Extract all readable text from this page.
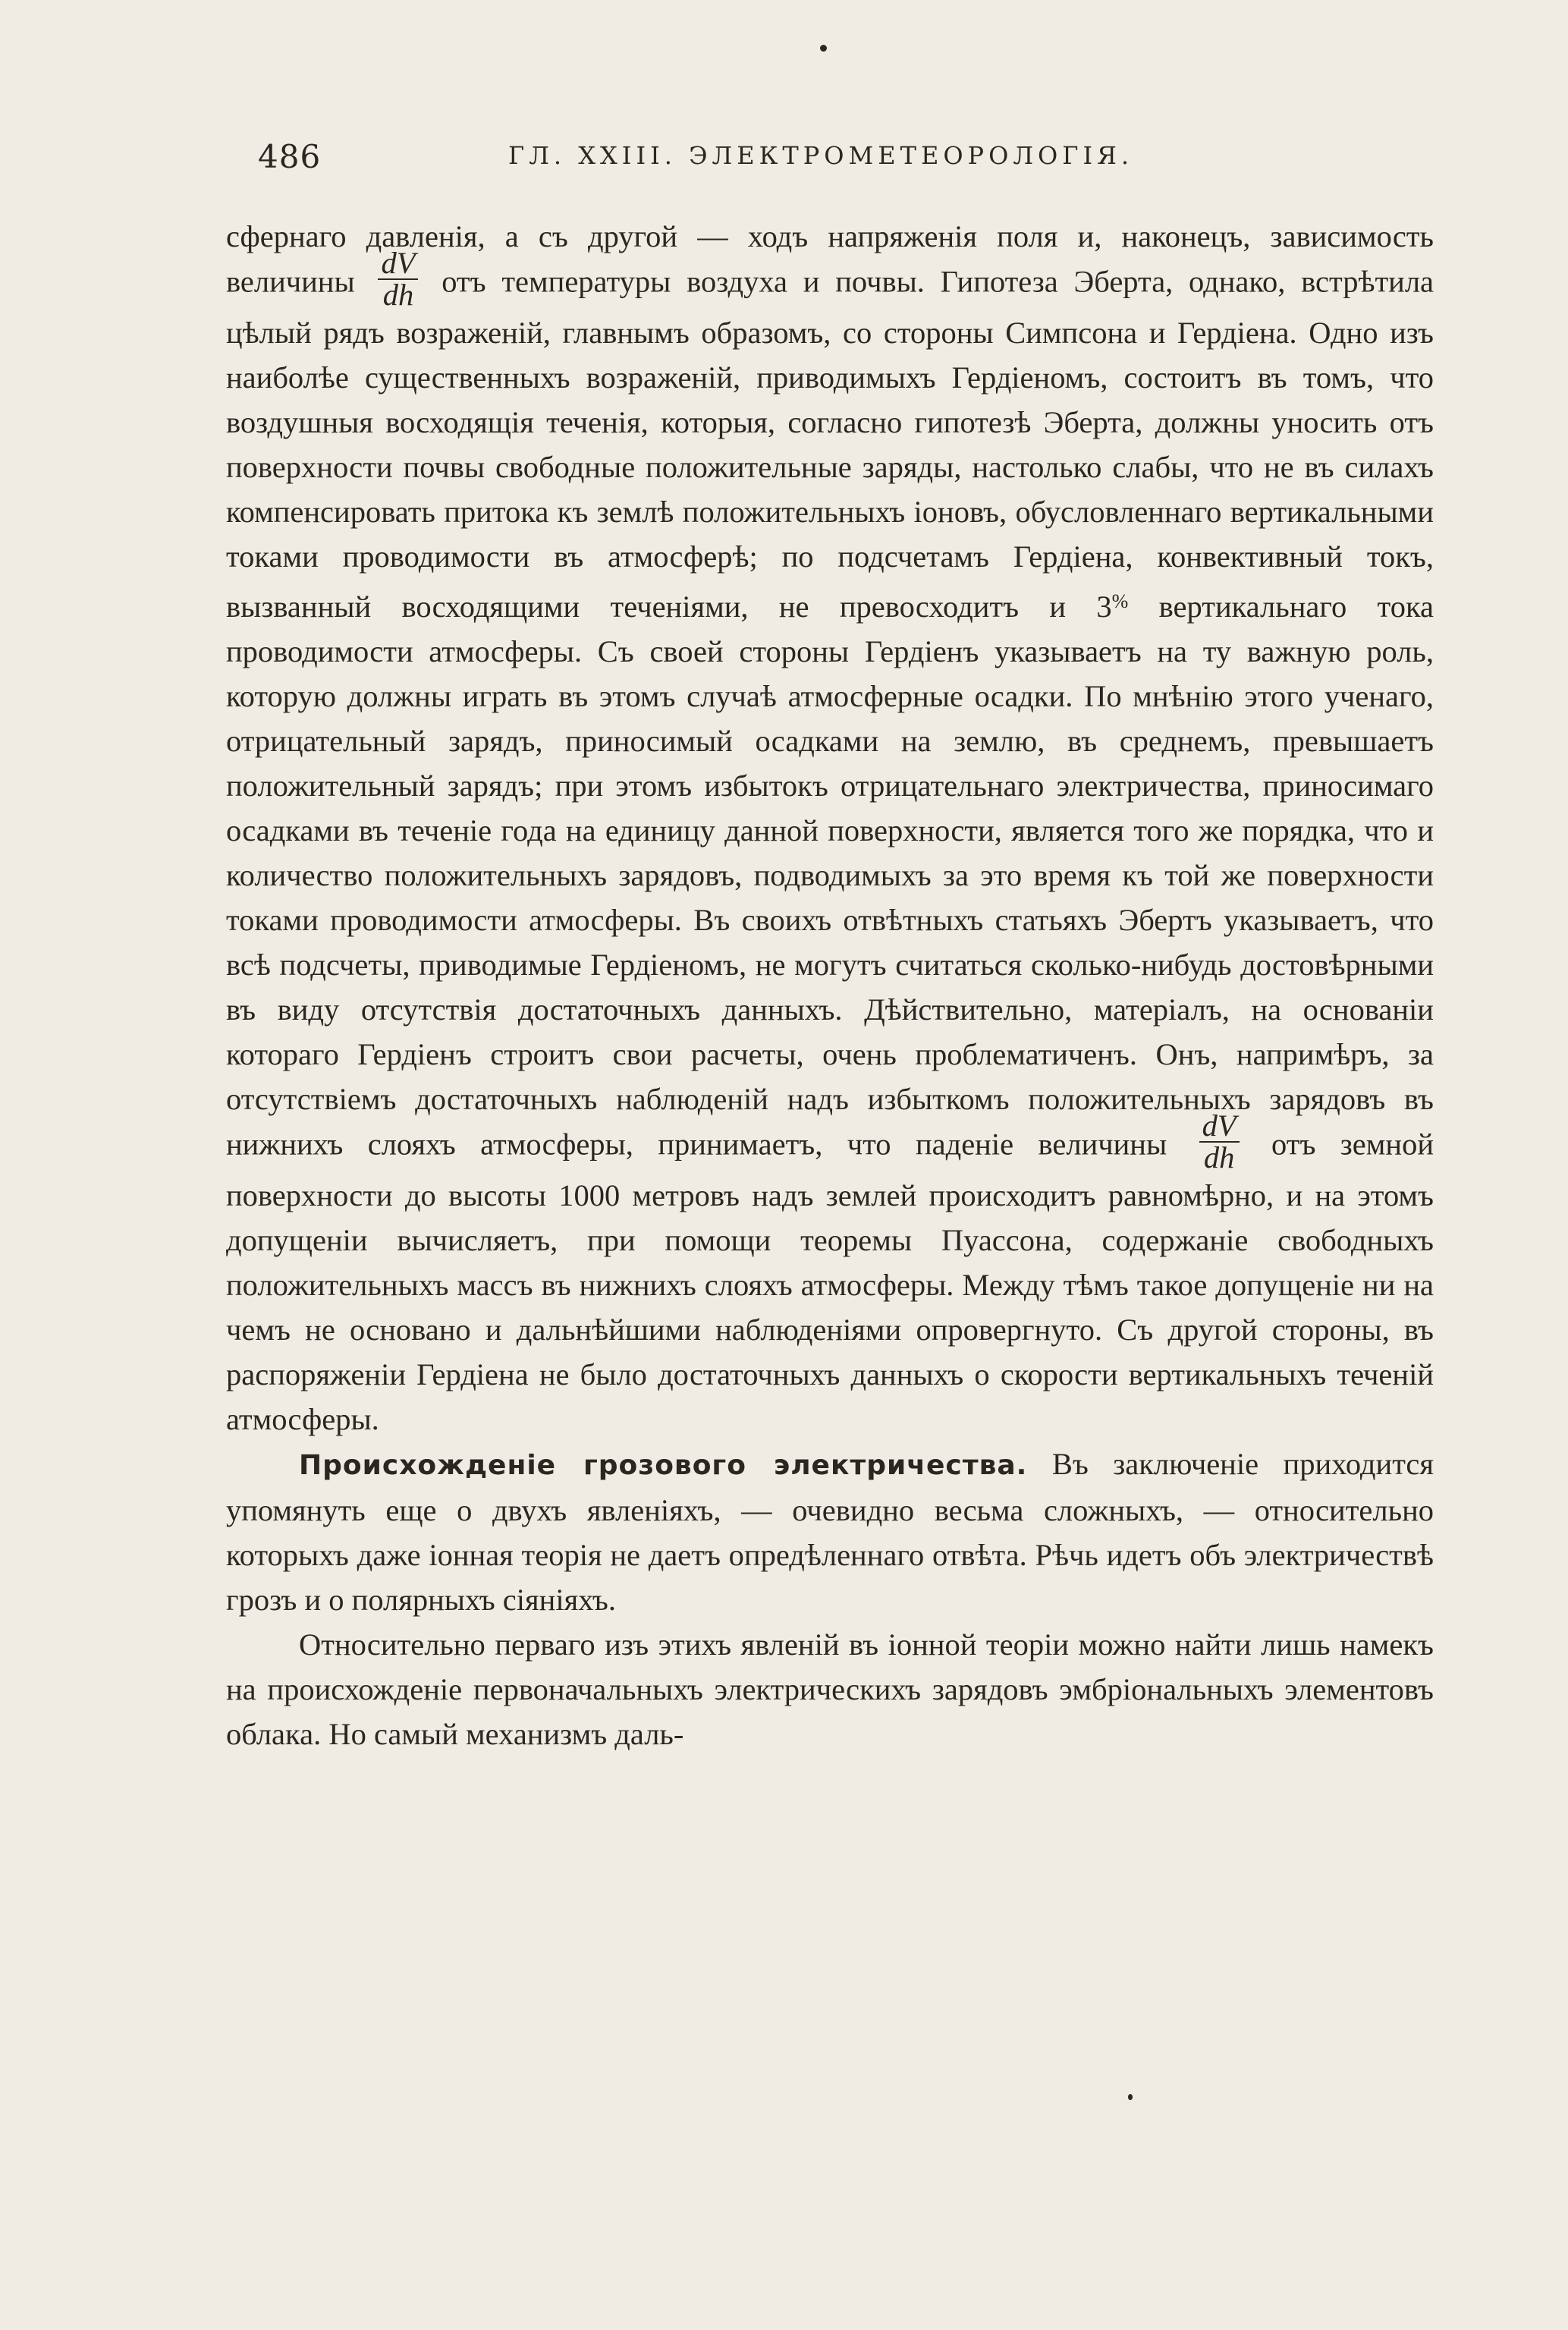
486	ГЛ. XXIII. ЭЛЕКТРОМЕТЕОРОЛОГІЯ.

сфернаго давленія, а съ другой — ходъ напряженія поля и, наконецъ, зависимость величины $\frac{dV}{dh}$ отъ температуры воздуха и почвы. Гипотеза Эберта, однако, встрѣтила цѣлый рядъ возраженій, главнымъ образомъ, со стороны Симпсона и Гердіена. Одно изъ наиболѣе существенныхъ возраженій, приводимыхъ Гердіеномъ, состоитъ въ томъ, что воздушныя восходящія теченія, которыя, согласно гипотезѣ Эберта, должны уносить отъ поверхности почвы свободные положительные заряды, настолько слабы, что не въ силахъ компенсировать притока къ землѣ положительныхъ іоновъ, обусловленнаго вертикальными токами проводимости въ атмосферѣ; по подсчетамъ Гердіена, конвективный токъ, вызванный восходящими теченіями, не превосходитъ и 3% вертикальнаго тока проводимости атмосферы. Съ своей стороны Гердіенъ указываетъ на ту важную роль, которую должны играть въ этомъ случаѣ атмосферные осадки. По мнѣнію этого ученаго, отрицательный зарядъ, приносимый осадками на землю, въ среднемъ, превышаетъ положительный зарядъ; при этомъ избытокъ отрицательнаго электричества, приносимаго осадками въ теченіе года на единицу данной поверхности, является того же порядка, что и количество положительныхъ зарядовъ, подводимыхъ за это время къ той же поверхности токами проводимости атмосферы. Въ своихъ отвѣтныхъ статьяхъ Эбертъ указываетъ, что всѣ подсчеты, приводимые Гердіеномъ, не могутъ считаться сколько-нибудь достовѣрными въ виду отсутствія достаточныхъ данныхъ. Дѣйствительно, матеріалъ, на основаніи котораго Гердіенъ строитъ свои расчеты, очень проблематиченъ. Онъ, напримѣръ, за отсутствіемъ достаточныхъ наблюденій надъ избыткомъ положительныхъ зарядовъ въ нижнихъ слояхъ атмосферы, принимаетъ, что паденіе величины $\frac{dV}{dh}$ отъ земной поверхности до высоты 1000 метровъ надъ землей происходитъ равномѣрно, и на этомъ допущеніи вычисляетъ, при помощи теоремы Пуассона, содержаніе свободныхъ положительныхъ массъ въ нижнихъ слояхъ атмосферы. Между тѣмъ такое допущеніе ни на чемъ не основано и дальнѣйшими наблюденіями опровергнуто. Съ другой стороны, въ распоряженіи Гердіена не было достаточныхъ данныхъ о скорости вертикальныхъ теченій атмосферы.

Происхожденіе грозового электричества. Въ заключеніе приходится упомянуть еще о двухъ явленіяхъ, — очевидно весьма сложныхъ, — относительно которыхъ даже іонная теорія не даетъ опредѣленнаго отвѣта. Рѣчь идетъ объ электричествѣ грозъ и о полярныхъ сіяніяхъ.

Относительно перваго изъ этихъ явленій въ іонной теоріи можно найти лишь намекъ на происхожденіе первоначальныхъ электрическихъ зарядовъ эмбріональныхъ элементовъ облака. Но самый механизмъ даль-
